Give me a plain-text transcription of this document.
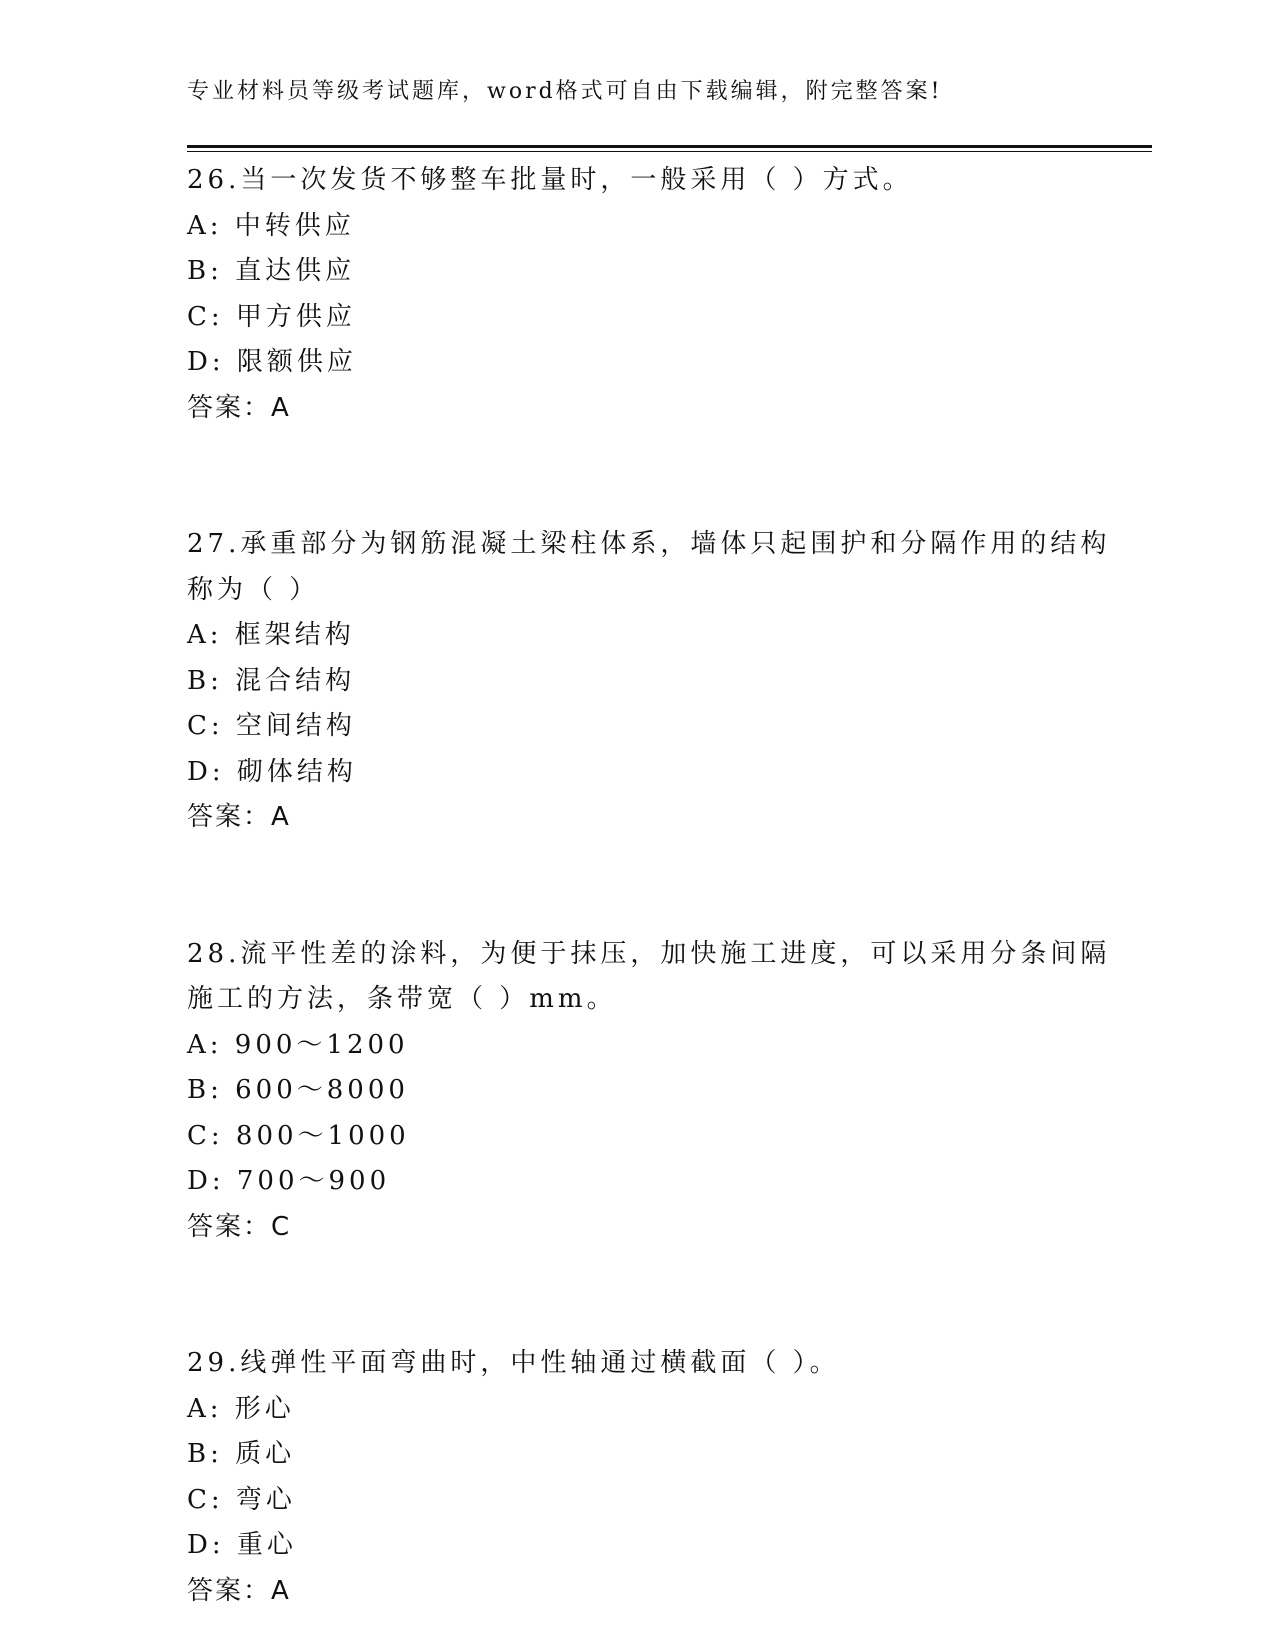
专业材料员等级考试题库，word格式可自由下载编辑，附完整答案!
26.当一次发货不够整车批量时，一般采用（ ）方式。
A: 中转供应
B: 直达供应
C: 甲方供应
D: 限额供应
答案：A
27.承重部分为钢筋混凝土梁柱体系，墙体只起围护和分隔作用的结构
称为（ ）
A: 框架结构
B: 混合结构
C: 空间结构
D: 砌体结构
答案：A
28.流平性差的涂料，为便于抹压，加快施工进度，可以采用分条间隔
施工的方法，条带宽（ ）mm。
A: 900～1200
B: 600～8000
C: 800～1000
D: 700～900
答案：C
29.线弹性平面弯曲时，中性轴通过横截面（ ）。
A: 形心
B: 质心
C: 弯心
D: 重心
答案：A
